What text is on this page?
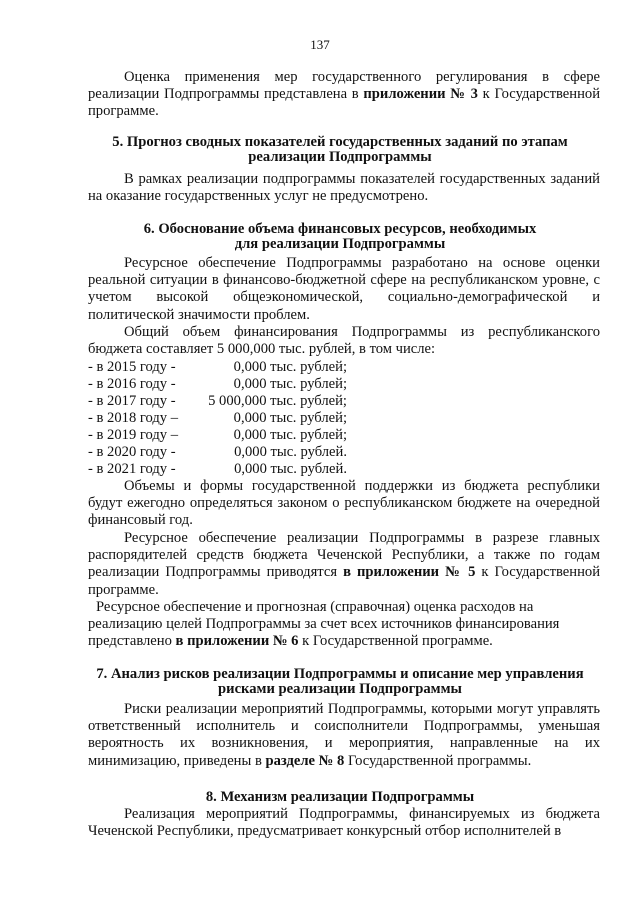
137

Оценка применения мер государственного регулирования в сфере реализации Подпрограммы представлена в приложении № 3 к Государственной программе.

5. Прогноз сводных показателей государственных заданий по этапам
реализации Подпрограммы

В рамках реализации подпрограммы показателей государственных заданий на оказание государственных услуг не предусмотрено.

6. Обоснование объема финансовых ресурсов, необходимых
для реализации Подпрограммы

Ресурсное обеспечение Подпрограммы разработано на основе оценки реальной ситуации в финансово-бюджетной сфере на республиканском уровне, с учетом высокой общеэкономической, социально-демографической и политической значимости проблем.

Общий объем финансирования Подпрограммы из республиканского бюджета составляет 5 000,000 тыс. рублей, в том числе:

- в 2015 году -	0,000 тыс. рублей;
- в 2016 году -	0,000 тыс. рублей;
- в 2017 году -	5 000,000 тыс. рублей;
- в 2018 году –	0,000 тыс. рублей;
- в 2019 году –	0,000 тыс. рублей;
- в 2020 году -	0,000 тыс. рублей.
- в 2021 году -	0,000 тыс. рублей.

Объемы и формы государственной поддержки из бюджета республики будут ежегодно определяться законом о республиканском бюджете на очередной финансовый год.

Ресурсное обеспечение реализации Подпрограммы в разрезе главных распорядителей средств бюджета Чеченской Республики, а также по годам реализации Подпрограммы приводятся в приложении № 5 к Государственной программе.

Ресурсное обеспечение и прогнозная (справочная) оценка расходов на реализацию целей Подпрограммы за счет всех источников финансирования представлено в приложении № 6 к Государственной программе.

7. Анализ рисков реализации Подпрограммы и описание мер управления
рисками реализации Подпрограммы

Риски реализации мероприятий Подпрограммы, которыми могут управлять ответственный исполнитель и соисполнители Подпрограммы, уменьшая вероятность их возникновения, и мероприятия, направленные на их минимизацию, приведены в разделе № 8 Государственной программы.

8. Механизм реализации Подпрограммы

Реализация мероприятий Подпрограммы, финансируемых из бюджета Чеченской Республики, предусматривает конкурсный отбор исполнителей в
